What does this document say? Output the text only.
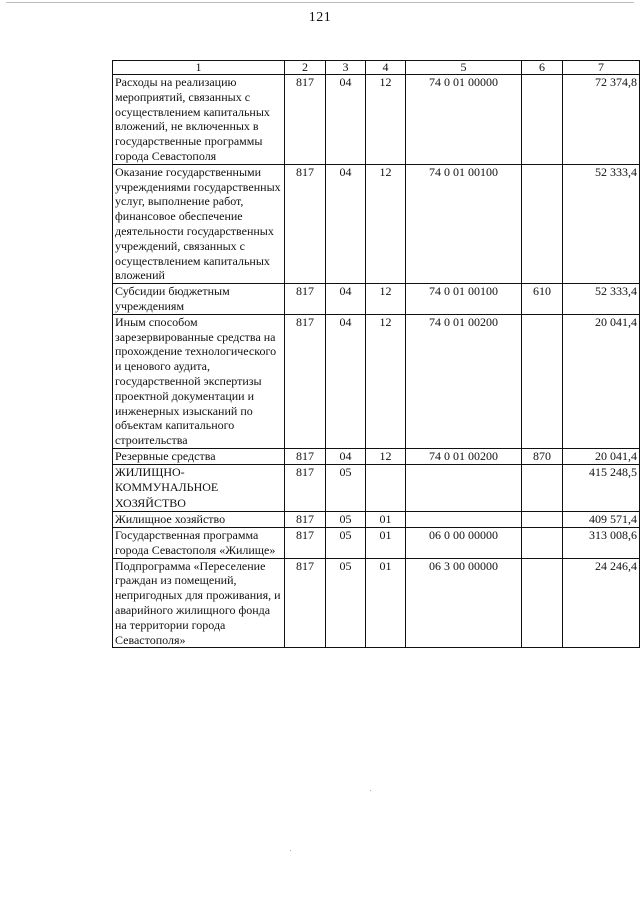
121
1	2	3	4	5	6	7
Расходы на реализацию мероприятий, связанных с осуществлением капитальных вложений, не включенных в государственные программы города Севастополя	817	04	12	74 0 01 00000		72 374,8
Оказание государственными учреждениями государственных услуг, выполнение работ, финансовое обеспечение деятельности государственных учреждений, связанных с осуществлением капитальных вложений	817	04	12	74 0 01 00100		52 333,4
Субсидии бюджетным учреждениям	817	04	12	74 0 01 00100	610	52 333,4
Иным способом зарезервированные средства на прохождение технологического и ценового аудита, государственной экспертизы проектной документации и инженерных изысканий по объектам капитального строительства	817	04	12	74 0 01 00200		20 041,4
Резервные средства	817	04	12	74 0 01 00200	870	20 041,4
ЖИЛИЩНО-КОММУНАЛЬНОЕ ХОЗЯЙСТВО	817	05				415 248,5
Жилищное хозяйство	817	05	01			409 571,4
Государственная программа города Севастополя «Жилище»	817	05	01	06 0 00 00000		313 008,6
Подпрограмма «Переселение граждан из помещений, непригодных для проживания, и аварийного жилищного фонда на территории города Севастополя»	817	05	01	06 3 00 00000		24 246,4
